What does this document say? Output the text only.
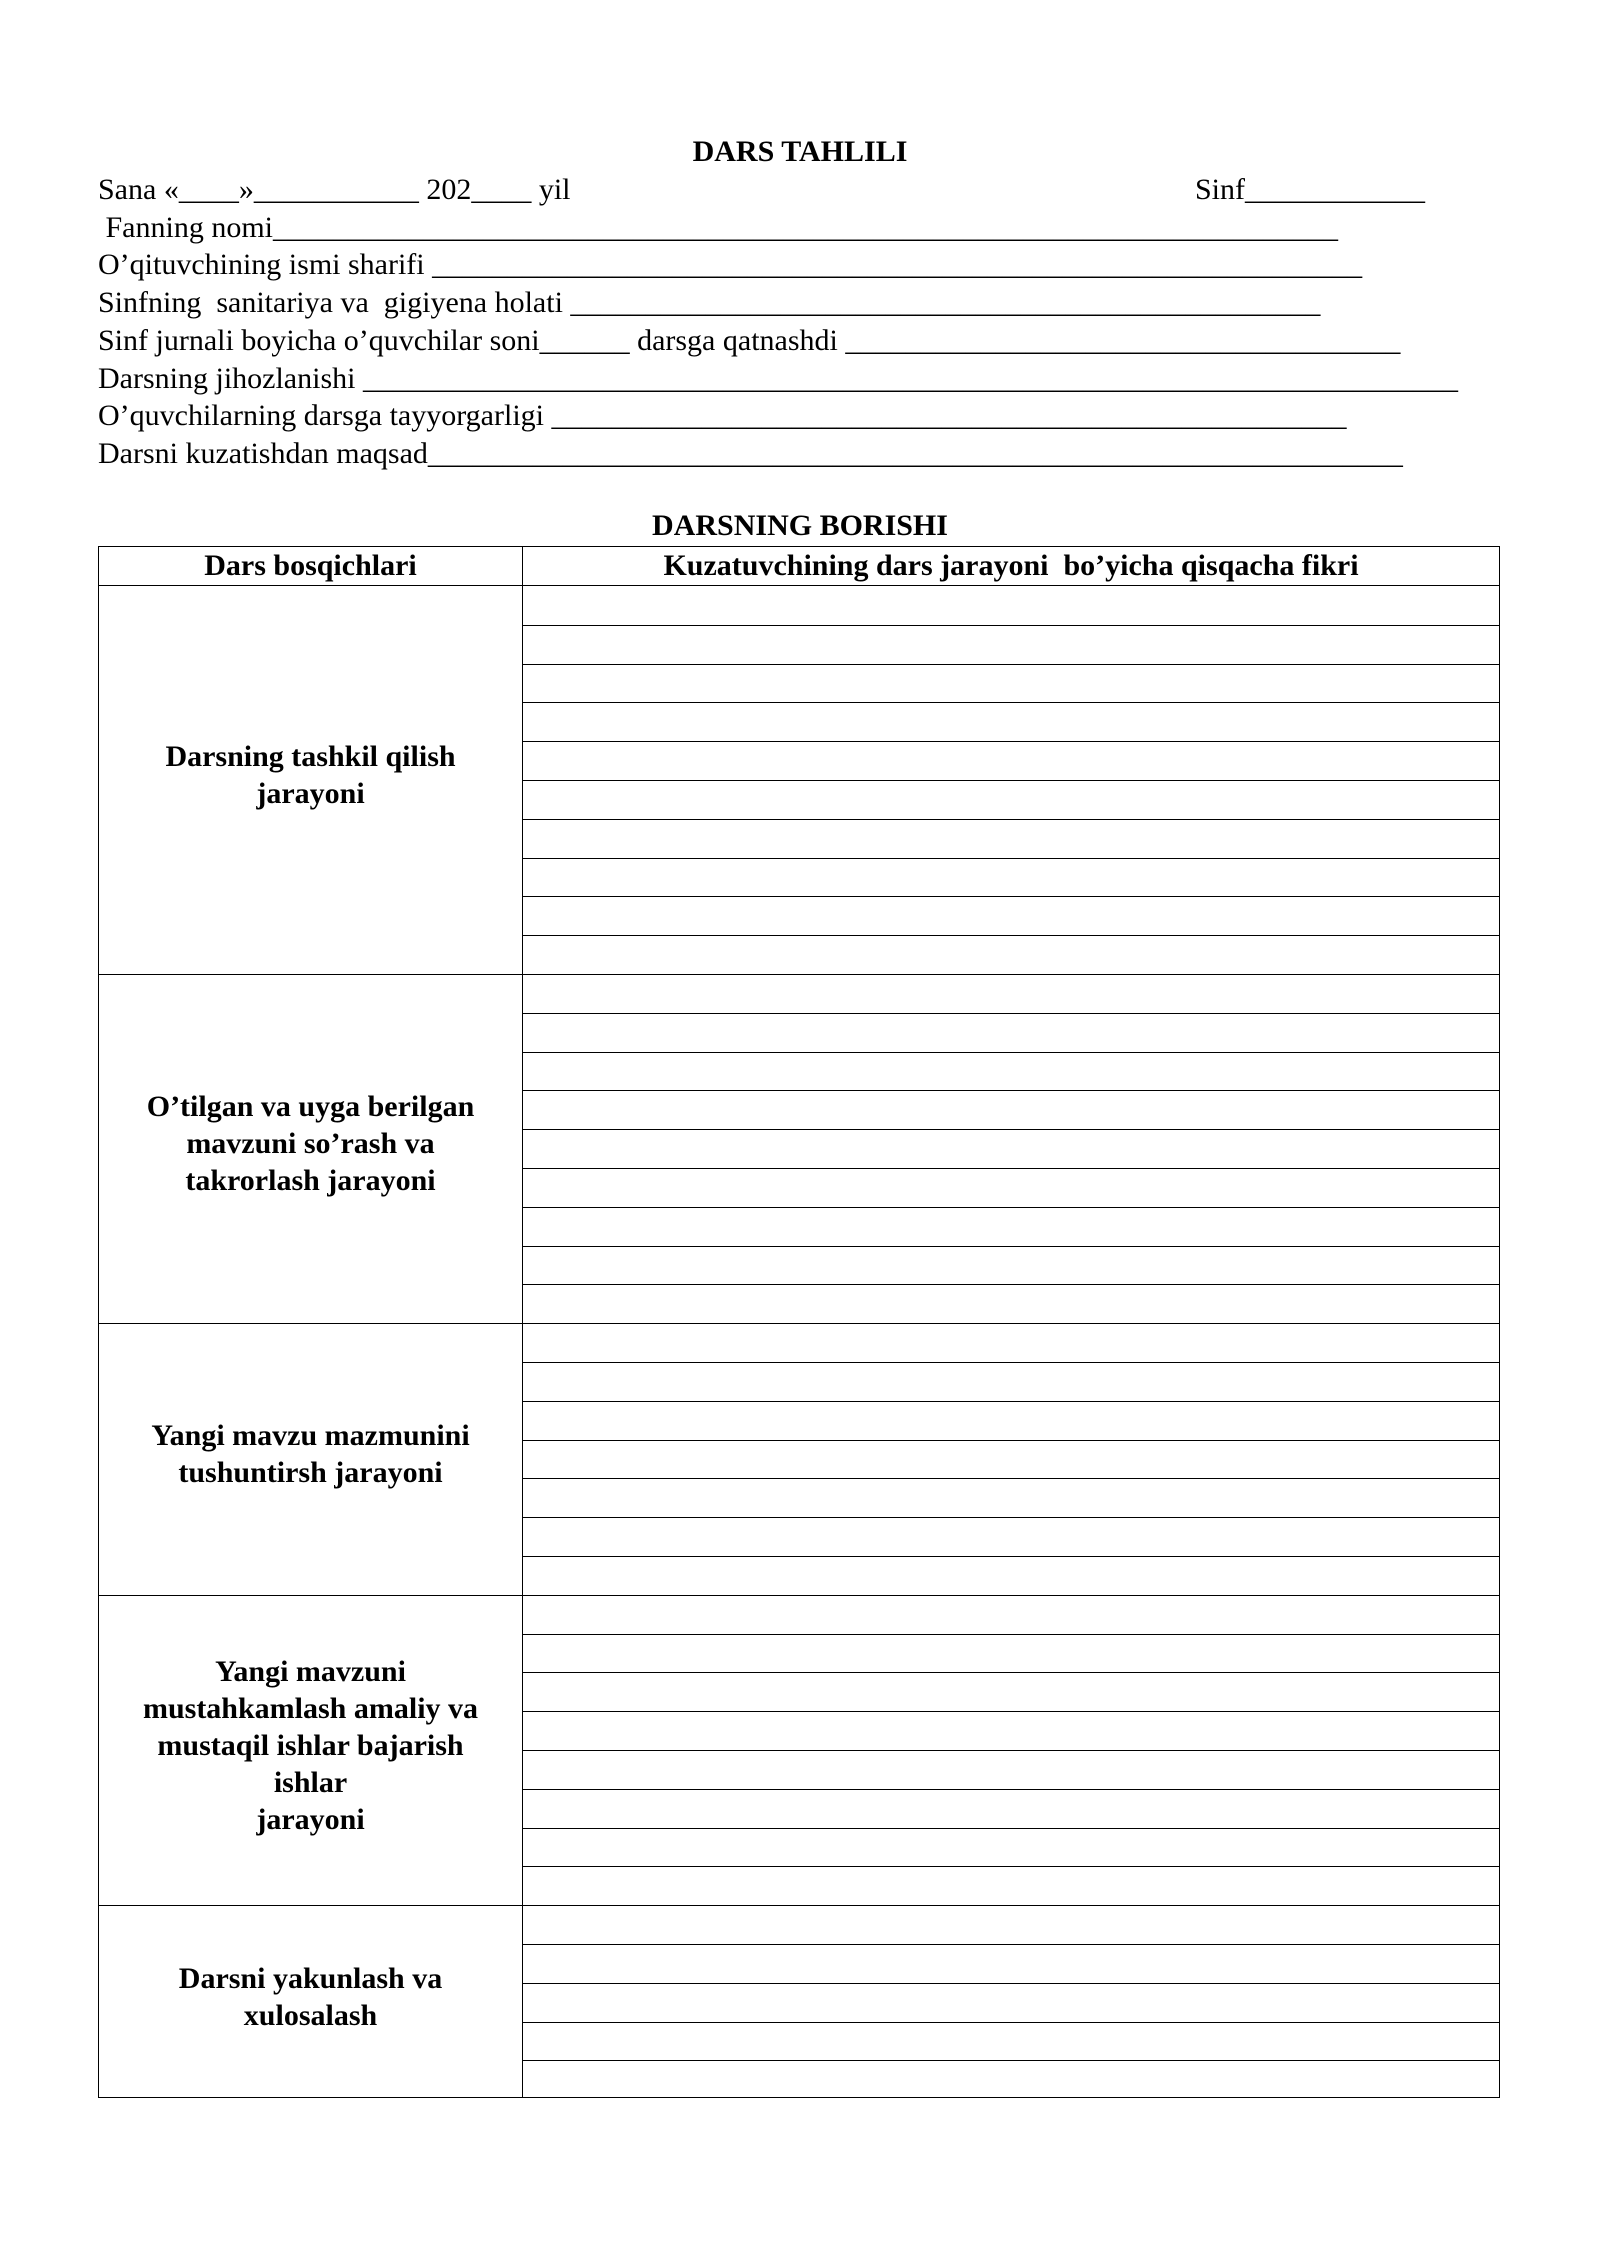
DARS TAHLILI
Sana «____»___________ 202____ yil
Fanning nomi_______________________________________________________________________
O’qituvchining ismi sharifi ______________________________________________________________
Sinfning  sanitariya va  gigiyena holati __________________________________________________
Sinf jurnali boyicha o’quvchilar soni______ darsga qatnashdi _____________________________________
Darsning jihozlanishi _________________________________________________________________________
O’quvchilarning darsga tayyorgarligi _____________________________________________________
Darsni kuzatishdan maqsad_________________________________________________________________
Sinf____________
DARSNING BORISHI
Dars bosqichlari	Kuzatuvchining dars jarayoni  bo’yicha qisqacha fikri
Darsning tashkil qilish
jarayoni
O’tilgan va uyga berilgan
mavzuni so’rash va
takrorlash jarayoni
Yangi mavzu mazmunini
tushuntirsh jarayoni
Yangi mavzuni
mustahkamlash amaliy va
mustaqil ishlar bajarish
ishlar
jarayoni
Darsni yakunlash va
xulosalash
